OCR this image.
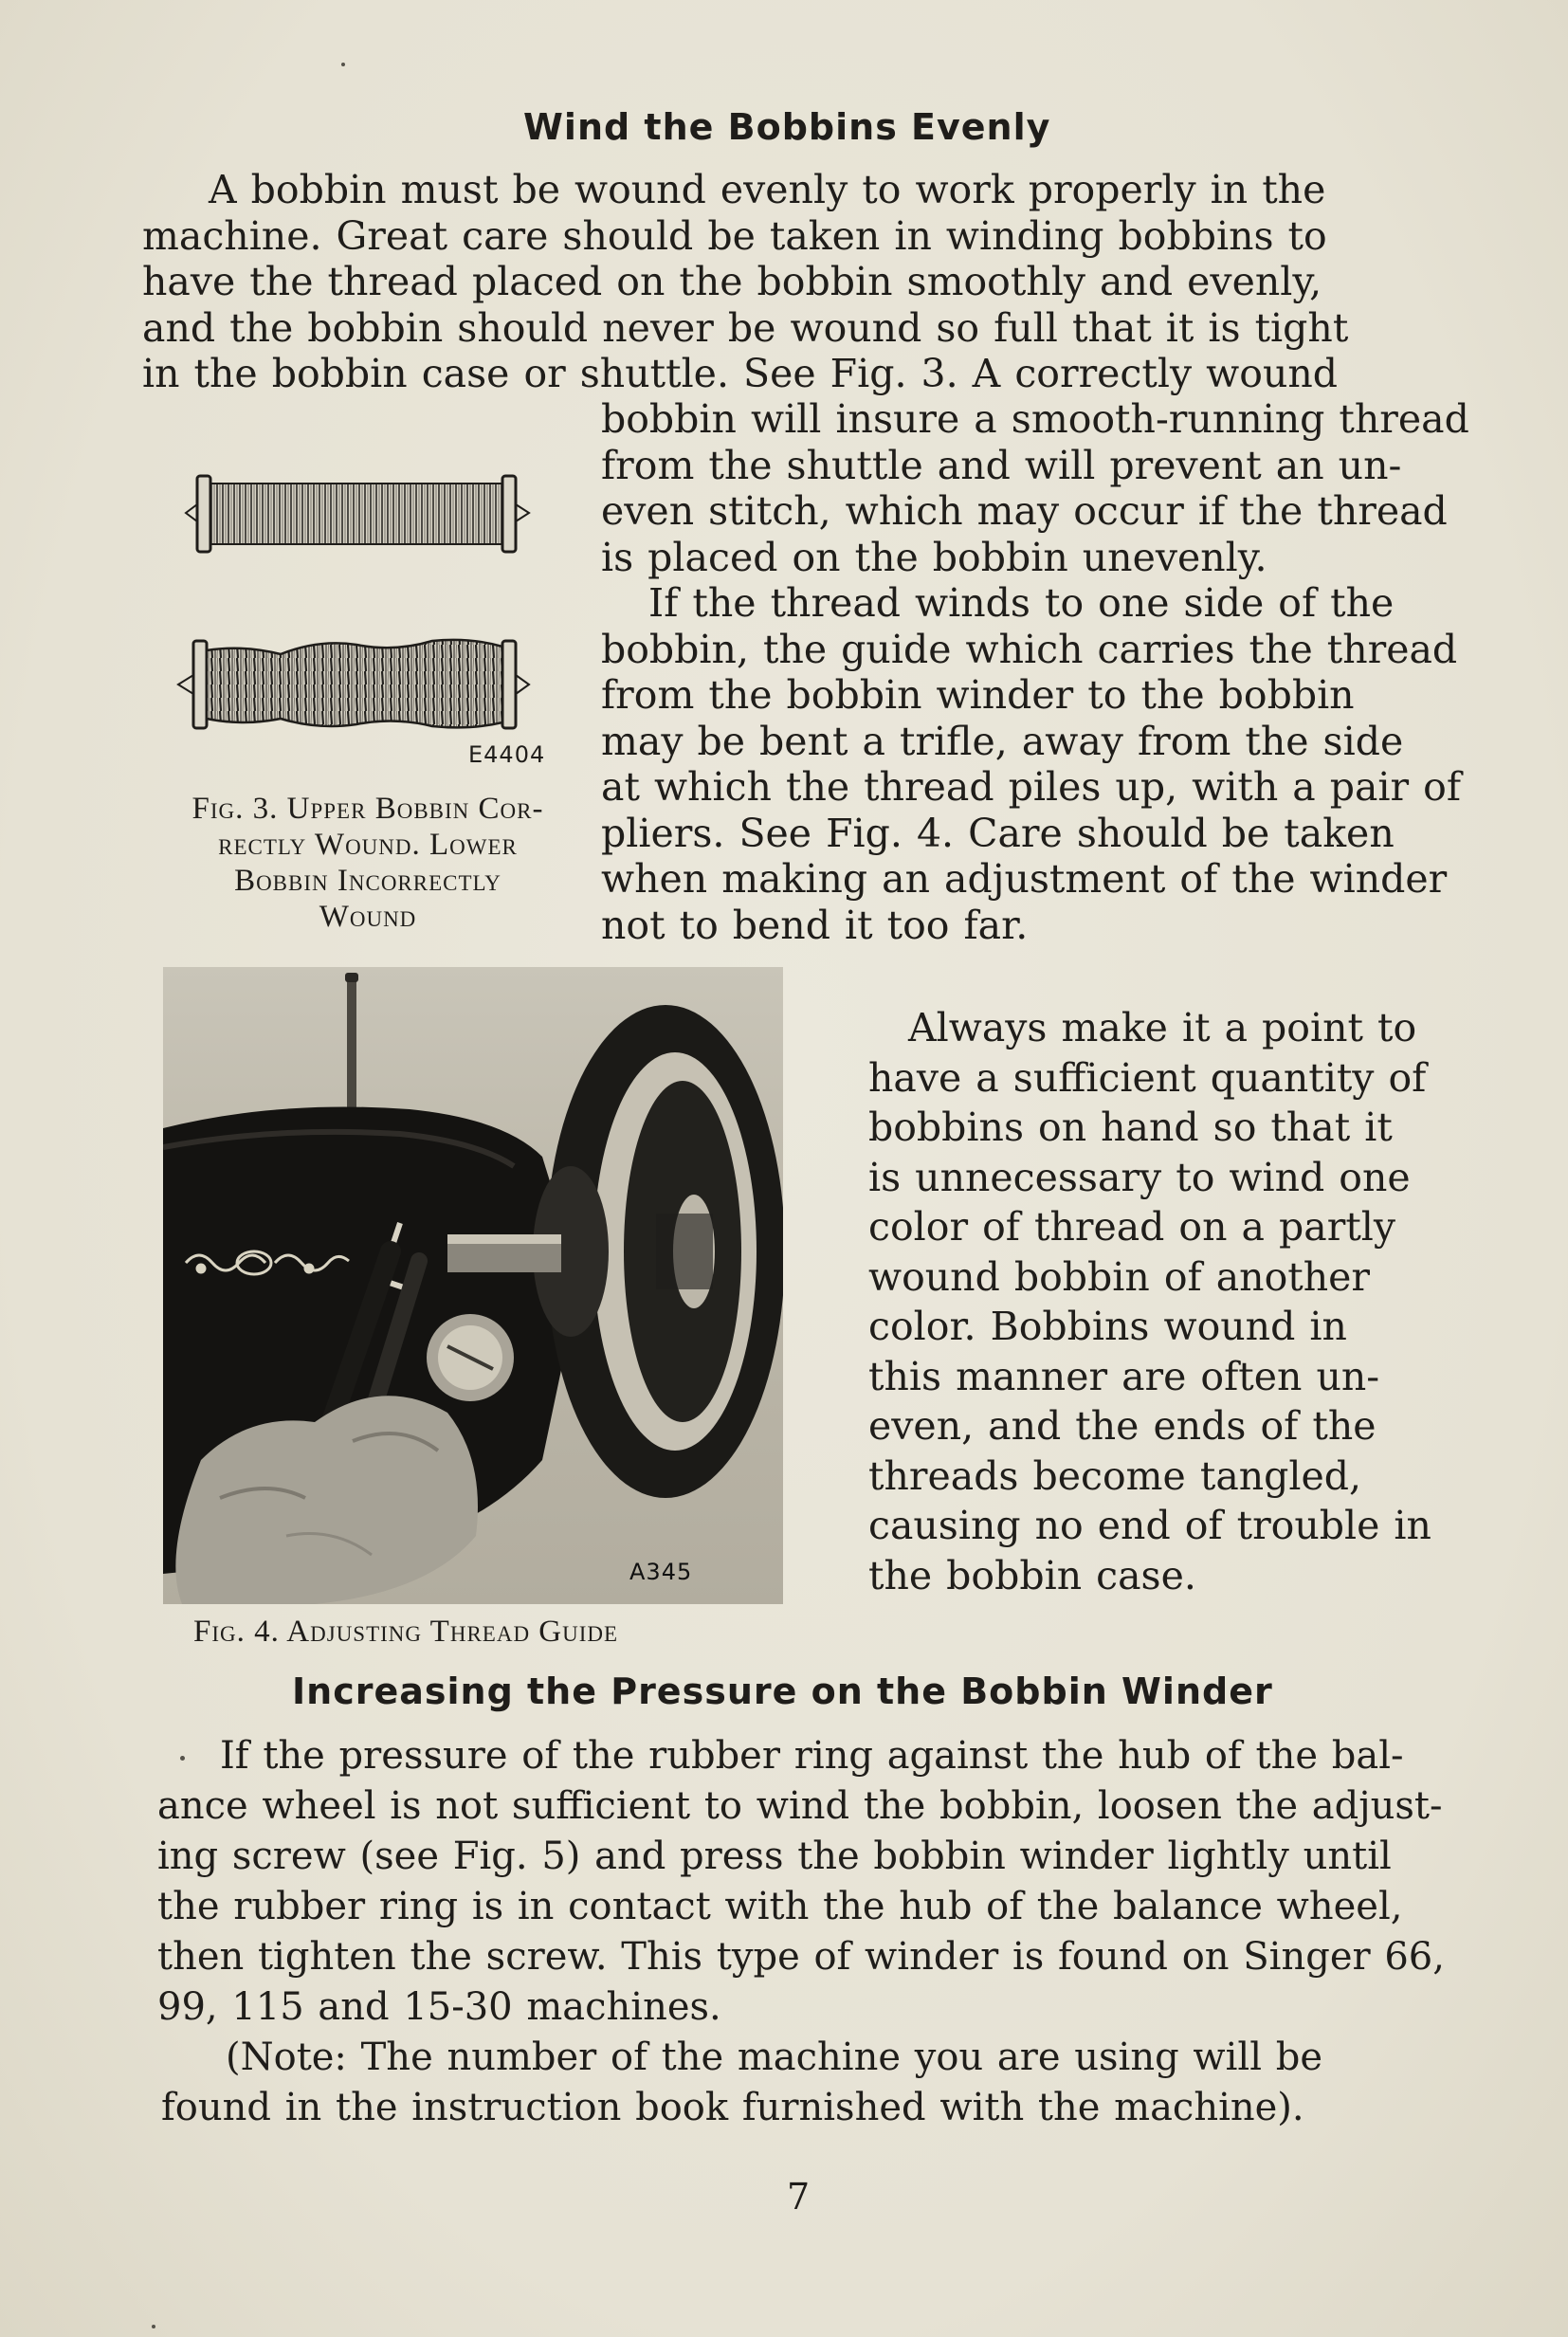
Wind the Bobbins Evenly
A bobbin must be wound evenly to work properly in the
machine. Great care should be taken in winding bobbins to
have the thread placed on the bobbin smoothly and evenly,
and the bobbin should never be wound so full that it is tight
in the bobbin case or shuttle. See Fig. 3. A correctly wound
bobbin will insure a smooth-running thread
from the shuttle and will prevent an un-
even stitch, which may occur if the thread
is placed on the bobbin unevenly.
If the thread winds to one side of the
bobbin, the guide which carries the thread
from the bobbin winder to the bobbin
may be bent a trifle, away from the side
at which the thread piles up, with a pair of
pliers. See Fig. 4. Care should be taken
when making an adjustment of the winder
not to bend it too far.
E4404
Fig. 3. Upper Bobbin Cor-
rectly Wound. Lower
Bobbin Incorrectly
Wound
A345
Fig. 4. Adjusting Thread Guide
Always make it a point to
have a sufficient quantity of
bobbins on hand so that it
is unnecessary to wind one
color of thread on a partly
wound bobbin of another
color. Bobbins wound in
this manner are often un-
even, and the ends of the
threads become tangled,
causing no end of trouble in
the bobbin case.
Increasing the Pressure on the Bobbin Winder
If the pressure of the rubber ring against the hub of the bal-
ance wheel is not sufficient to wind the bobbin, loosen the adjust-
ing screw (see Fig. 5) and press the bobbin winder lightly until
the rubber ring is in contact with the hub of the balance wheel,
then tighten the screw. This type of winder is found on Singer 66,
99, 115 and 15-30 machines.
(Note: The number of the machine you are using will be
found in the instruction book furnished with the machine).
7
